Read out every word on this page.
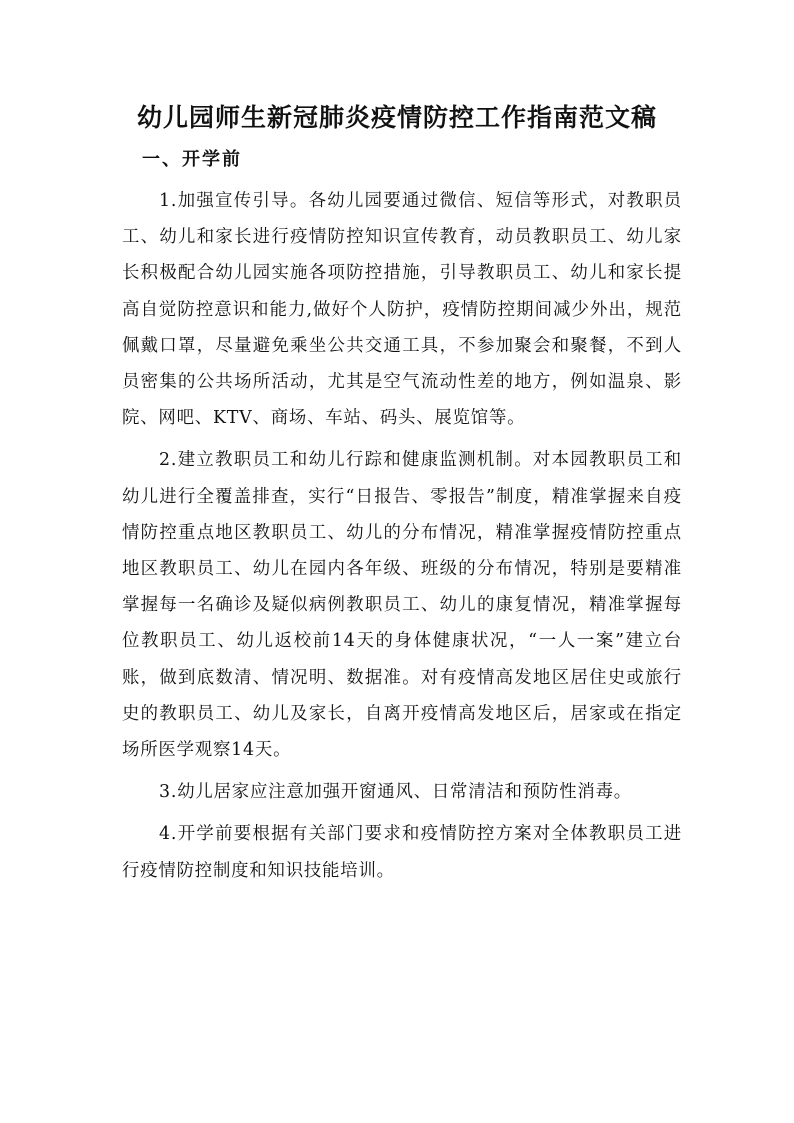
幼儿园师生新冠肺炎疫情防控工作指南范文稿
一、开学前

1.加强宣传引导。各幼儿园要通过微信、短信等形式，对教职员工、幼儿和家长进行疫情防控知识宣传教育，动员教职员工、幼儿家长积极配合幼儿园实施各项防控措施，引导教职员工、幼儿和家长提高自觉防控意识和能力,做好个人防护，疫情防控期间减少外出，规范佩戴口罩，尽量避免乘坐公共交通工具，不参加聚会和聚餐，不到人员密集的公共场所活动，尤其是空气流动性差的地方，例如温泉、影院、网吧、KTV、商场、车站、码头、展览馆等。

2.建立教职员工和幼儿行踪和健康监测机制。对本园教职员工和幼儿进行全覆盖排查，实行“日报告、零报告”制度，精准掌握来自疫情防控重点地区教职员工、幼儿的分布情况，精准掌握疫情防控重点地区教职员工、幼儿在园内各年级、班级的分布情况，特别是要精准掌握每一名确诊及疑似病例教职员工、幼儿的康复情况，精准掌握每位教职员工、幼儿返校前14天的身体健康状况，“一人一案”建立台账，做到底数清、情况明、数据准。对有疫情高发地区居住史或旅行史的教职员工、幼儿及家长，自离开疫情高发地区后，居家或在指定场所医学观察14天。

3.幼儿居家应注意加强开窗通风、日常清洁和预防性消毒。

4.开学前要根据有关部门要求和疫情防控方案对全体教职员工进行疫情防控制度和知识技能培训。
